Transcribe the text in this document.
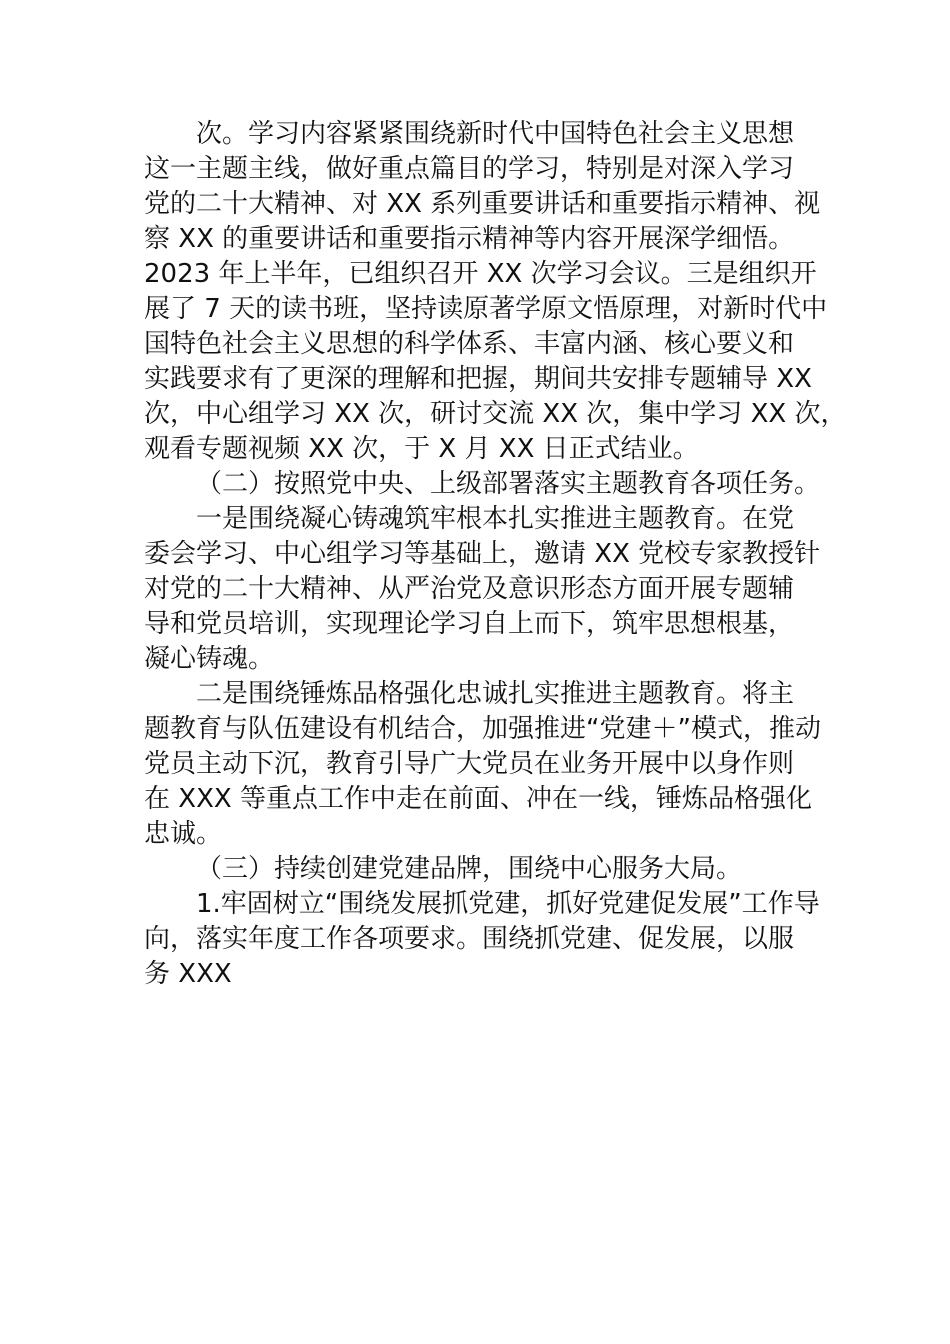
次。学习内容紧紧围绕新时代中国特色社会主义思想
这一主题主线，做好重点篇目的学习，特别是对深入学习
党的二十大精神、对 XX 系列重要讲话和重要指示精神、视
察 XX 的重要讲话和重要指示精神等内容开展深学细悟。
2023 年上半年，已组织召开 XX 次学习会议。三是组织开
展了 7 天的读书班，坚持读原著学原文悟原理，对新时代中
国特色社会主义思想的科学体系、丰富内涵、核心要义和
实践要求有了更深的理解和把握，期间共安排专题辅导 XX
次，中心组学习 XX 次，研讨交流 XX 次，集中学习 XX 次，
观看专题视频 XX 次，于 X 月 XX 日正式结业。
（二）按照党中央、上级部署落实主题教育各项任务。
一是围绕凝心铸魂筑牢根本扎实推进主题教育。在党
委会学习、中心组学习等基础上，邀请 XX 党校专家教授针
对党的二十大精神、从严治党及意识形态方面开展专题辅
导和党员培训，实现理论学习自上而下，筑牢思想根基，
凝心铸魂。
二是围绕锤炼品格强化忠诚扎实推进主题教育。将主
题教育与队伍建设有机结合，加强推进“党建＋”模式，推动
党员主动下沉，教育引导广大党员在业务开展中以身作则
在 XXX 等重点工作中走在前面、冲在一线，锤炼品格强化
忠诚。
（三）持续创建党建品牌，围绕中心服务大局。
1.牢固树立“围绕发展抓党建，抓好党建促发展”工作导
向，落实年度工作各项要求。围绕抓党建、促发展，以服
务 XXX
